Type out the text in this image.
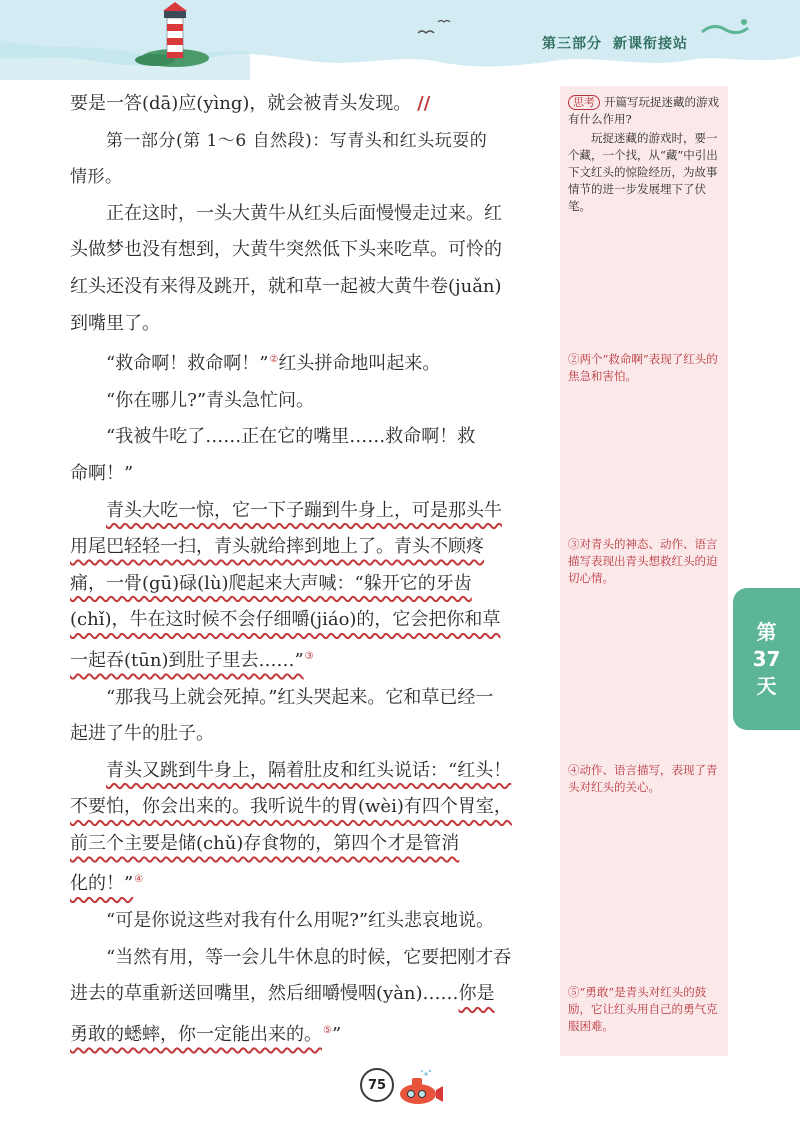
第三部分 新课衔接站
要是一答(dā)应(yìng)，就会被青头发现。 //
第一部分(第 1～6 自然段)：写青头和红头玩耍的
情形。
正在这时，一头大黄牛从红头后面慢慢走过来。红
头做梦也没有想到，大黄牛突然低下头来吃草。可怜的
红头还没有来得及跳开，就和草一起被大黄牛卷(juǎn)
到嘴里了。
“救命啊！救命啊！”②红头拼命地叫起来。
“你在哪儿?”青头急忙问。
“我被牛吃了……正在它的嘴里……救命啊！救
命啊！”
青头大吃一惊，它一下子蹦到牛身上，可是那头牛
用尾巴轻轻一扫，青头就给摔到地上了。青头不顾疼
痛，一骨(gū)碌(lù)爬起来大声喊：“躲开它的牙齿
(chǐ)，牛在这时候不会仔细嚼(jiáo)的，它会把你和草
一起吞(tūn)到肚子里去……”③
“那我马上就会死掉。”红头哭起来。它和草已经一
起进了牛的肚子。
青头又跳到牛身上，隔着肚皮和红头说话：“红头！
不要怕，你会出来的。我听说牛的胃(wèi)有四个胃室，
前三个主要是储(chǔ)存食物的，第四个才是管消
化的！”④
“可是你说这些对我有什么用呢?”红头悲哀地说。
“当然有用，等一会儿牛休息的时候，它要把刚才吞
进去的草重新送回嘴里，然后细嚼慢咽(yàn)……你是
勇敢的蟋蟀，你一定能出来的。⑤”
思考 开篇写玩捉迷藏的游戏有什么作用?
玩捉迷藏的游戏时，要一个藏，一个找，从“藏”中引出下文红头的惊险经历，为故事情节的进一步发展埋下了伏笔。
②两个“救命啊”表现了红头的焦急和害怕。
③对青头的神态、动作、语言描写表现出青头想救红头的迫切心情。
④动作、语言描写，表现了青头对红头的关心。
⑤“勇敢”是青头对红头的鼓励，它让红头用自己的勇气克服困难。
第
37
天
75
